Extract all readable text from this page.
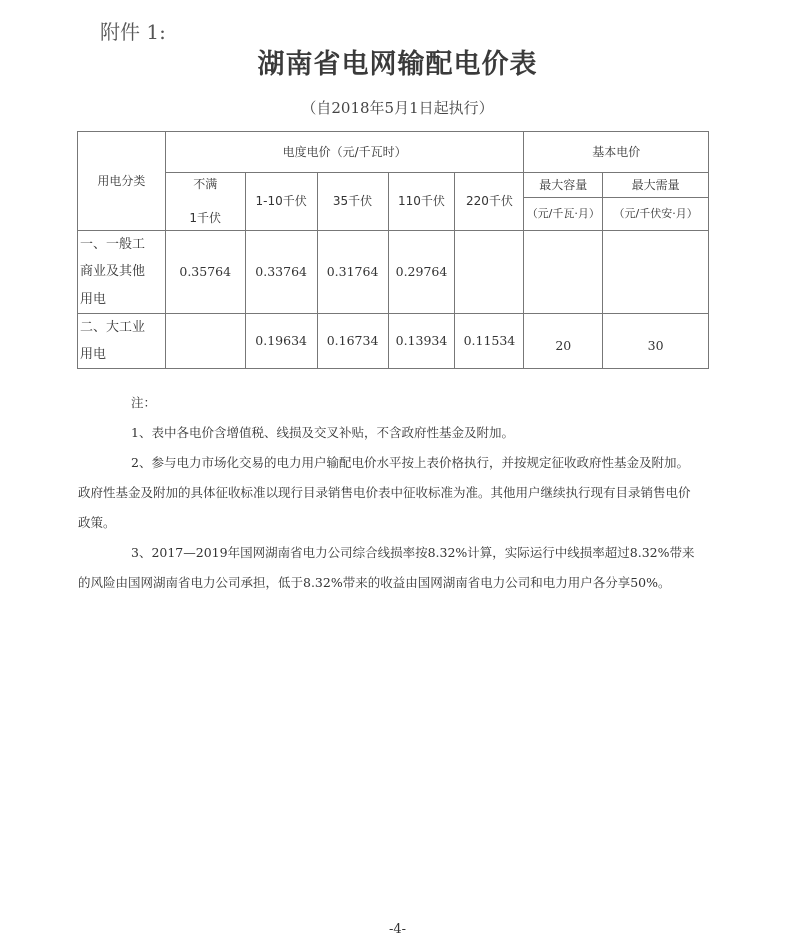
附件 1:
湖南省电网输配电价表
（自2018年5月1日起执行）
用电分类	电度电价（元/千瓦时）					基本电价	
	不满

1千伏	1-10千伏	35千伏	110千伏	220千伏	最大容量	最大需量
						（元/千瓦·月）	（元/千伏安·月）
一、一般工
商业及其他
用电	0.35764	0.33764	0.31764	0.29764			
二、大工业
用电		0.19634	0.16734	0.13934	0.11534	20	30

注：

1、表中各电价含增值税、线损及交叉补贴，不含政府性基金及附加。

2、参与电力市场化交易的电力用户输配电价水平按上表价格执行，并按规定征收政府性基金及附加。政府性基金及附加的具体征收标准以现行目录销售电价表中征收标准为准。其他用户继续执行现有目录销售电价政策。

3、2017—2019年国网湖南省电力公司综合线损率按8.32%计算，实际运行中线损率超过8.32%带来的风险由国网湖南省电力公司承担，低于8.32%带来的收益由国网湖南省电力公司和电力用户各分享50%。

-4-
